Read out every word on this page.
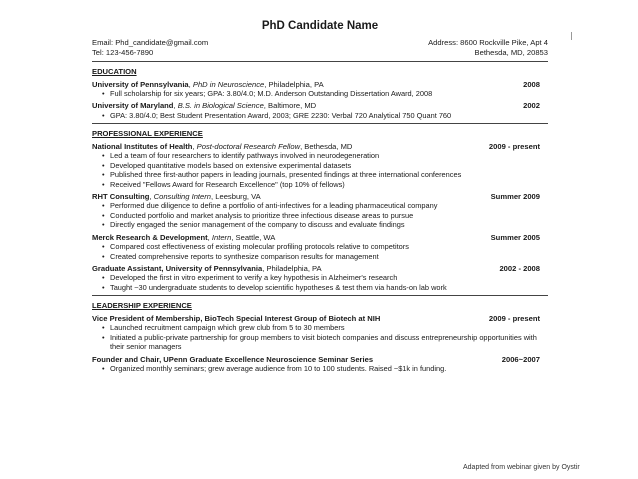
PhD Candidate Name
Email: Phd_candidate@gmail.com
Tel: 123-456-7890
Address: 8600 Rockville Pike, Apt 4
Bethesda, MD, 20853
EDUCATION
University of Pennsylvania, PhD in Neuroscience, Philadelphia, PA	2008
• Full scholarship for six years; GPA: 3.80/4.0; M.D. Anderson Outstanding Dissertation Award, 2008
University of Maryland, B.S. in Biological Science, Baltimore, MD	2002
• GPA: 3.80/4.0; Best Student Presentation Award, 2003; GRE 2230: Verbal 720 Analytical 750 Quant 760
PROFESSIONAL EXPERIENCE
National Institutes of Health, Post-doctoral Research Fellow, Bethesda, MD	2009 - present
• Led a team of four researchers to identify pathways involved in neurodegeneration
• Developed quantitative models based on extensive experimental datasets
• Published three first-author papers in leading journals, presented findings at three international conferences
• Received "Fellows Award for Research Excellence" (top 10% of fellows)
RHT Consulting, Consulting Intern, Leesburg, VA	Summer 2009
• Performed due diligence to define a portfolio of anti-infectives for a leading pharmaceutical company
• Conducted portfolio and market analysis to prioritize three infectious disease areas to pursue
• Directly engaged the senior management of the company to discuss and evaluate findings
Merck Research & Development, Intern, Seattle, WA	Summer 2005
• Compared cost effectiveness of existing molecular profiling protocols relative to competitors
• Created comprehensive reports to synthesize comparison results for management
Graduate Assistant, University of Pennsylvania, Philadelphia, PA	2002 - 2008
• Developed the first in vitro experiment to verify a key hypothesis in Alzheimer's research
• Taught ~30 undergraduate students to develop scientific hypotheses & test them via hands-on lab work
LEADERSHIP EXPERIENCE
Vice President of Membership, BioTech Special Interest Group of Biotech at NIH	2009 - present
• Launched recruitment campaign which grew club from 5 to 30 members
• Initiated a public-private partnership for group members to visit biotech companies and discuss entrepreneurship opportunities with their senior managers
Founder and Chair, UPenn Graduate Excellence Neuroscience Seminar Series	2006~2007
• Organized monthly seminars; grew average audience from 10 to 100 students. Raised ~$1k in funding.
Adapted from webinar given by Oystir
